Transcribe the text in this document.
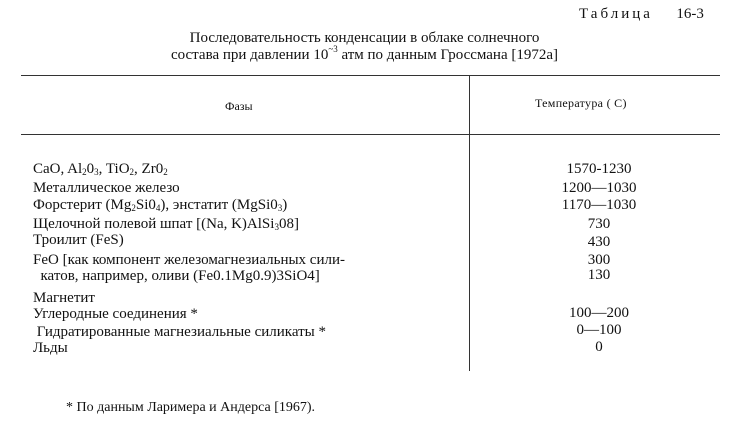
Таблица 16-3
Последовательность конденсации в облаке солнечного
состава при давлении $10^{\sim 3}$ атм по данным Гроссмана [1972а]
Фазы	Температура ( С)
CaO, $Al_20_3$, TiO$_2$, $Zr0_2$	1570-1230
Металлическое железо	1200—1030
Форстерит $(Mg_2Si0_4)$, энстатит $(MgSi0_3)$	1170—1030
Щелочной полевой шпат [(Na, K)AlSi$_3$08]	730
Троилит (FeS)	430
FeO [как компонент железомагнезиальных сили-	300
катов, например, оливи (Fe0.1Mg0.9)3SiO4]	130
Магнетит
Углеродные соединения *	100—200
Гидратированные магнезиальные силикаты *	0—100
Льды	0
* По данным Ларимера и Андерса [1967).
